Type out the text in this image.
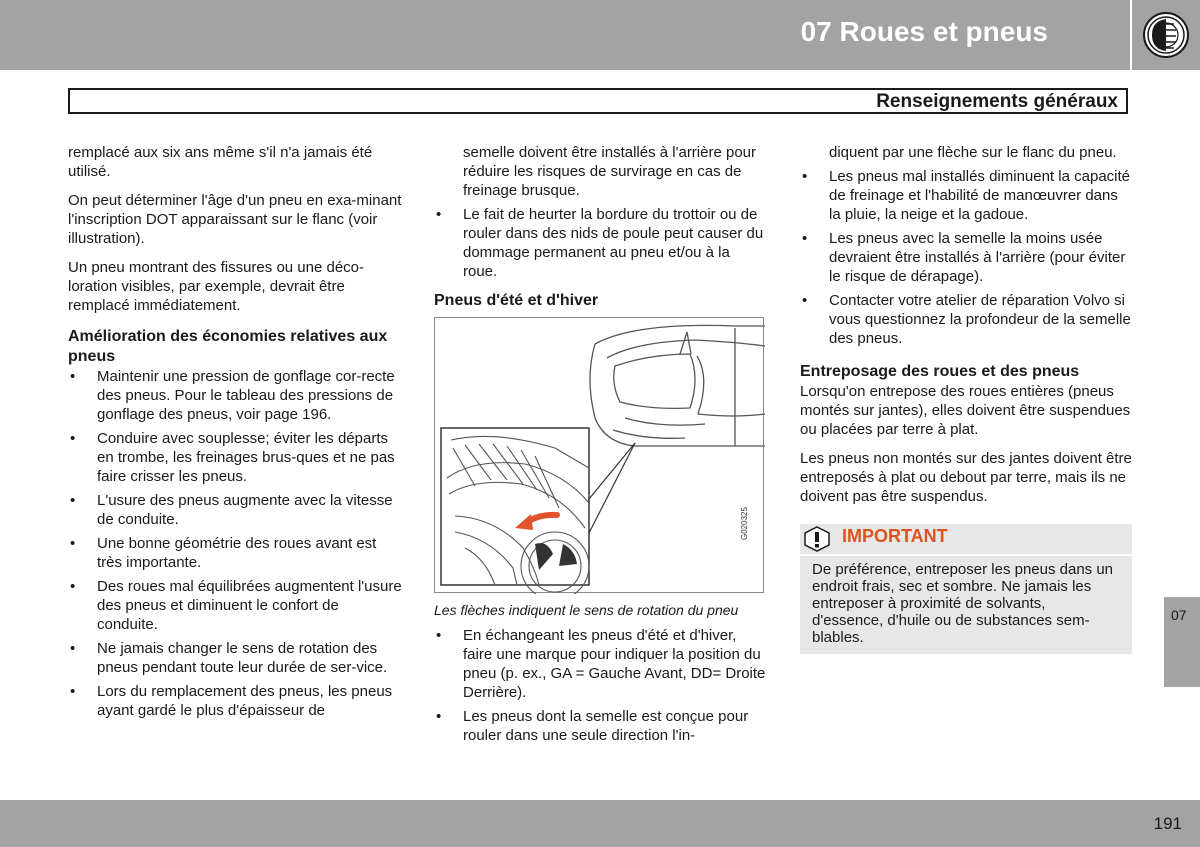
07 Roues et pneus
Renseignements généraux

remplacé aux six ans même s'il n'a jamais été utilisé.

On peut déterminer l'âge d'un pneu en exa-minant l'inscription DOT apparaissant sur le flanc (voir illustration).

Un pneu montrant des fissures ou une déco-loration visibles, par exemple, devrait être remplacé immédiatement.

Amélioration des économies relatives aux pneus
• Maintenir une pression de gonflage cor-recte des pneus. Pour le tableau des pressions de gonflage des pneus, voir page 196.
• Conduire avec souplesse; éviter les départs en trombe, les freinages brus-ques et ne pas faire crisser les pneus.
• L'usure des pneus augmente avec la vitesse de conduite.
• Une bonne géométrie des roues avant est très importante.
• Des roues mal équilibrées augmentent l'usure des pneus et diminuent le confort de conduite.
• Ne jamais changer le sens de rotation des pneus pendant toute leur durée de ser-vice.
• Lors du remplacement des pneus, les pneus ayant gardé le plus d'épaisseur de

semelle doivent être installés à l'arrière pour réduire les risques de survirage en cas de freinage brusque.

• Le fait de heurter la bordure du trottoir ou de rouler dans des nids de poule peut causer du dommage permanent au pneu et/ou à la roue.
Pneus d'été et d'hiver
G020325

Les flèches indiquent le sens de rotation du pneu

• En échangeant les pneus d'été et d'hiver, faire une marque pour indiquer la position du pneu (p. ex., GA = Gauche Avant, DD= Droite Derrière).
• Les pneus dont la semelle est conçue pour rouler dans une seule direction l'in-

diquent par une flèche sur le flanc du pneu.

• Les pneus mal installés diminuent la capacité de freinage et l'habilité de manœuvrer dans la pluie, la neige et la gadoue.
• Les pneus avec la semelle la moins usée devraient être installés à l'arrière (pour éviter le risque de dérapage).
• Contacter votre atelier de réparation Volvo si vous questionnez la profondeur de la semelle des pneus.
Entreposage des roues et des pneus

Lorsqu'on entrepose des roues entières (pneus montés sur jantes), elles doivent être suspendues ou placées par terre à plat.

Les pneus non montés sur des jantes doivent être entreposés à plat ou debout par terre, mais ils ne doivent pas être suspendus.

IMPORTANT
De préférence, entreposer les pneus dans un endroit frais, sec et sombre. Ne jamais les entreposer à proximité de solvants, d'essence, d'huile ou de substances sem-blables.
07
191
